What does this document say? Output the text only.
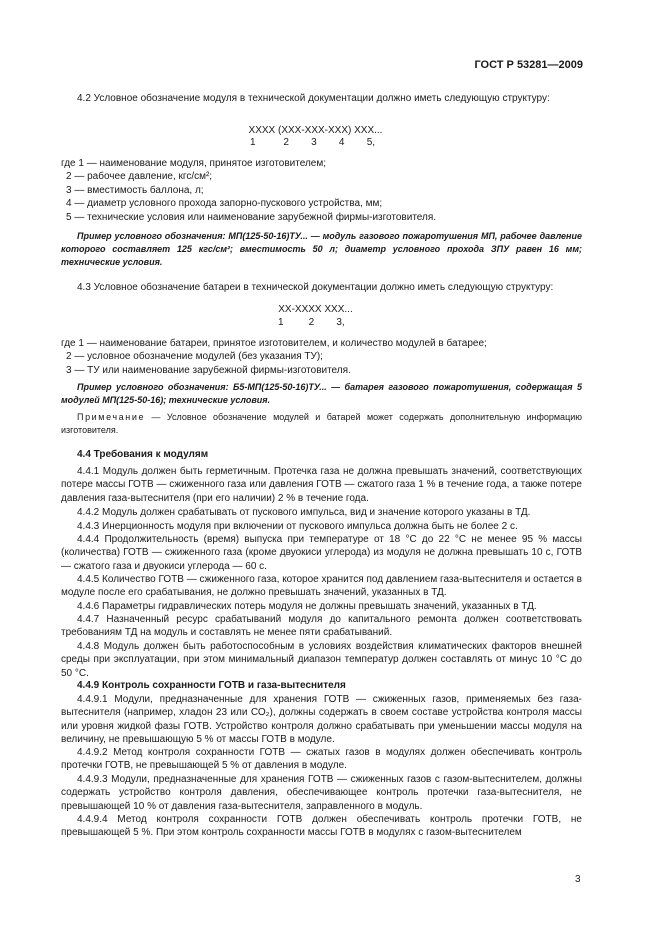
ГОСТ Р 53281—2009

4.2 Условное обозначение модуля в технической документации должно иметь следующую структуру:

ХХХХ (ХХХ-ХХХ-ХХХ) ХХХ...
1          2        3        4        5,
где 1 — наименование модуля, принятое изготовителем;
2 — рабочее давление, кгс/см²;
3 — вместимость баллона, л;
4 — диаметр условного прохода запорно-пускового устройства, мм;
5 — технические условия или наименование зарубежной фирмы-изготовителя.

Пример условного обозначения: МП(125-50-16)ТУ... — модуль газового пожаротушения МП, рабочее давление которого составляет 125 кгс/см²; вместимость 50 л; диаметр условного прохода ЗПУ равен 16 мм; технические условия.

4.3 Условное обозначение батареи в технической документации должно иметь следующую структуру:

ХХ-ХХХХ ХХХ...
1         2        3,
где 1 — наименование батареи, принятое изготовителем, и количество модулей в батарее;
2 — условное обозначение модулей (без указания ТУ);
3 — ТУ или наименование зарубежной фирмы-изготовителя.

Пример условного обозначения: Б5-МП(125-50-16)ТУ... — батарея газового пожаротушения, содержащая 5 модулей МП(125-50-16); технические условия.

Примечание — Условное обозначение модулей и батарей может содержать дополнительную информацию изготовителя.

4.4 Требования к модулям

4.4.1 Модуль должен быть герметичным. Протечка газа не должна превышать значений, соответствующих потере массы ГОТВ — сжиженного газа или давления ГОТВ — сжатого газа 1 % в течение года, а также потере давления газа-вытеснителя (при его наличии) 2 % в течение года.

4.4.2 Модуль должен срабатывать от пускового импульса, вид и значение которого указаны в ТД.

4.4.3 Инерционность модуля при включении от пускового импульса должна быть не более 2 с.

4.4.4 Продолжительность (время) выпуска при температуре от 18 °С до 22 °С не менее 95 % массы (количества) ГОТВ — сжиженного газа (кроме двуокиси углерода) из модуля не должна превышать 10 с, ГОТВ — сжатого газа и двуокиси углерода — 60 с.

4.4.5 Количество ГОТВ — сжиженного газа, которое хранится под давлением газа-вытеснителя и остается в модуле после его срабатывания, не должно превышать значений, указанных в ТД.

4.4.6 Параметры гидравлических потерь модуля не должны превышать значений, указанных в ТД.

4.4.7 Назначенный ресурс срабатываний модуля до капитального ремонта должен соответствовать требованиям ТД на модуль и составлять не менее пяти срабатываний.

4.4.8 Модуль должен быть работоспособным в условиях воздействия климатических факторов внешней среды при эксплуатации, при этом минимальный диапазон температур должен составлять от минус 10 °С до 50 °С.

4.4.9 Контроль сохранности ГОТВ и газа-вытеснителя

4.4.9.1 Модули, предназначенные для хранения ГОТВ — сжиженных газов, применяемых без газа-вытеснителя (например, хладон 23 или СО₂), должны содержать в своем составе устройства контроля массы или уровня жидкой фазы ГОТВ. Устройство контроля должно срабатывать при уменьшении массы модуля на величину, не превышающую 5 % от массы ГОТВ в модуле.

4.4.9.2 Метод контроля сохранности ГОТВ — сжатых газов в модулях должен обеспечивать контроль протечки ГОТВ, не превышающей 5 % от давления в модуле.

4.4.9.3 Модули, предназначенные для хранения ГОТВ — сжиженных газов с газом-вытеснителем, должны содержать устройство контроля давления, обеспечивающее контроль протечки газа-вытеснителя, не превышающей 10 % от давления газа-вытеснителя, заправленного в модуль.

4.4.9.4 Метод контроля сохранности ГОТВ должен обеспечивать контроль протечки ГОТВ, не превышающей 5 %. При этом контроль сохранности массы ГОТВ в модулях с газом-вытеснителем

3
